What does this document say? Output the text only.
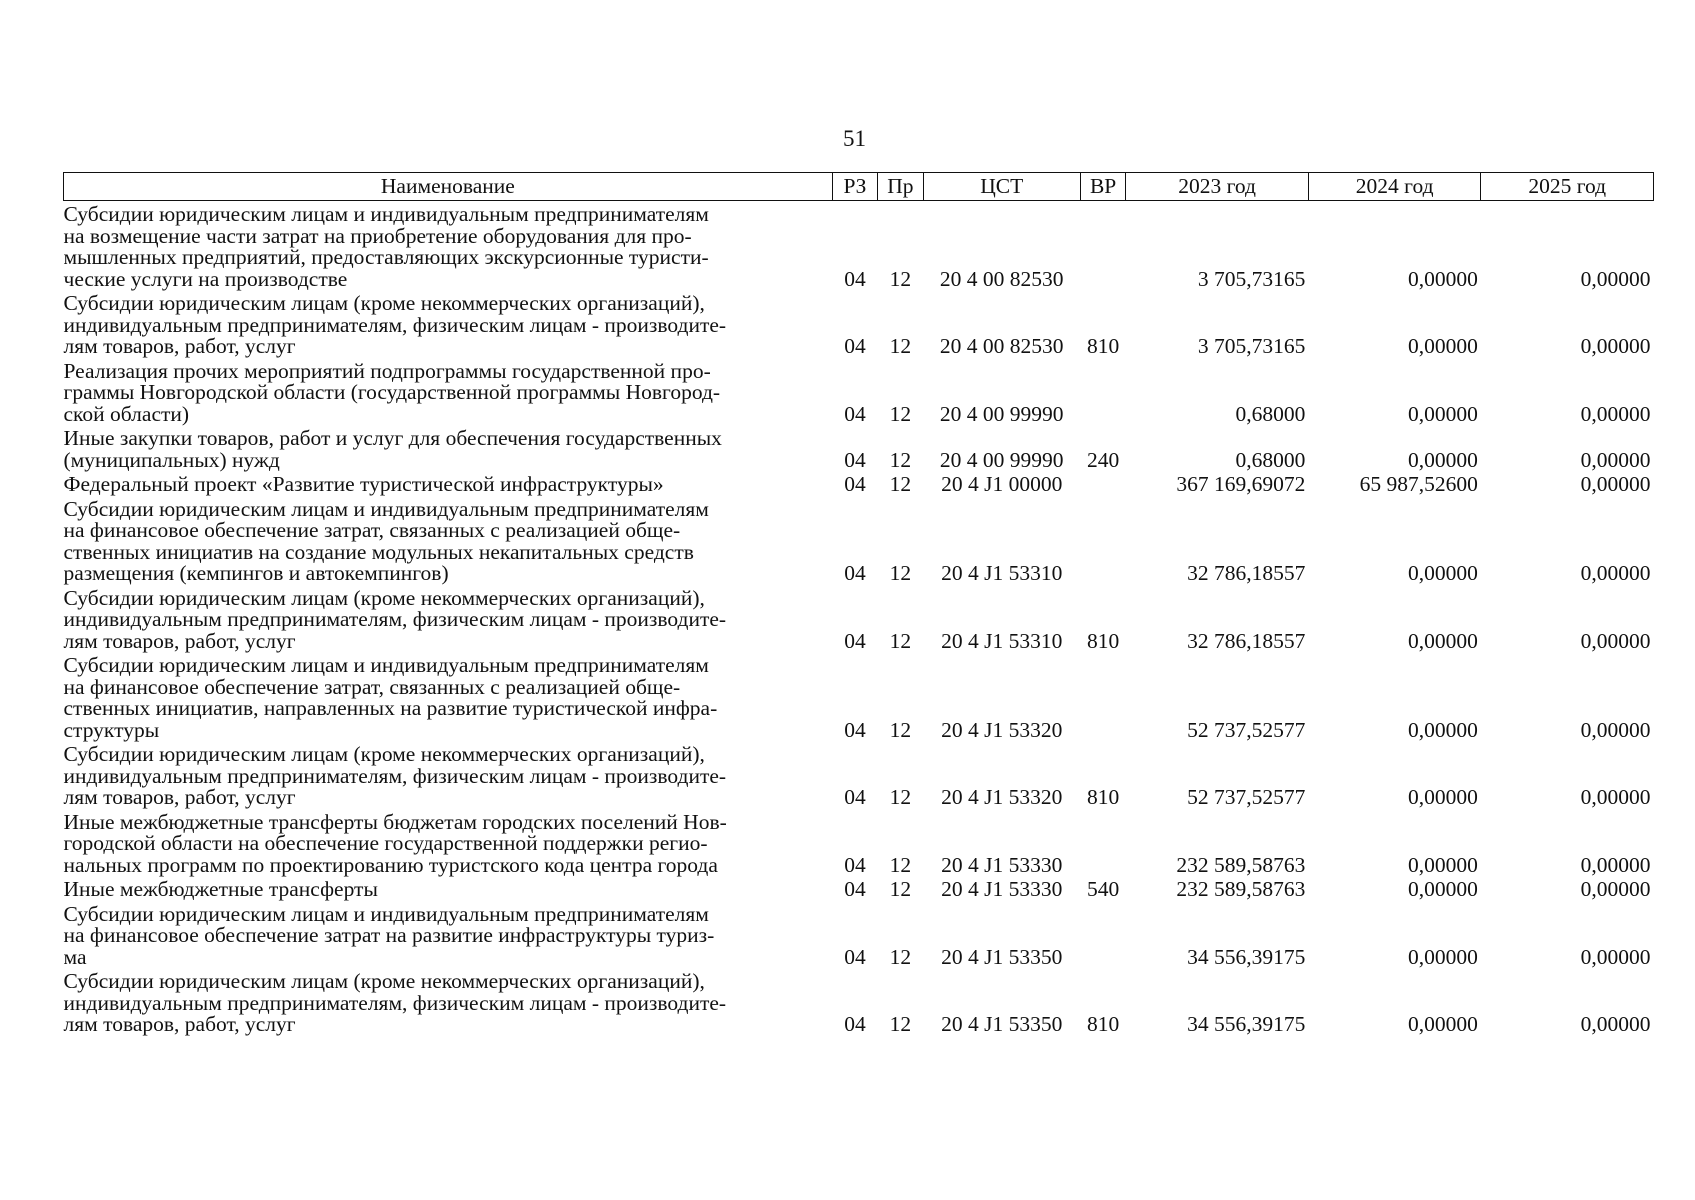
51
Наименование	РЗ	Пр	ЦСТ	ВР	2023 год	2024 год	2025 год

Субсидии юридическим лицам и индивидуальным предпринимателям
на возмещение части затрат на приобретение оборудования для про-
мышленных предприятий, предоставляющих экскурсионные туристи-
ческие услуги на производстве	04	12	20 4 00 82530		3 705,73165	0,00000	0,00000

Субсидии юридическим лицам (кроме некоммерческих организаций),
индивидуальным предпринимателям, физическим лицам - производите-
лям товаров, работ, услуг	04	12	20 4 00 82530	810	3 705,73165	0,00000	0,00000

Реализация прочих мероприятий подпрограммы государственной про-
граммы Новгородской области (государственной программы Новгород-
ской области)	04	12	20 4 00 99990		0,68000	0,00000	0,00000

Иные закупки товаров, работ и услуг для обеспечения государственных
(муниципальных) нужд	04	12	20 4 00 99990	240	0,68000	0,00000	0,00000

Федеральный проект «Развитие туристической инфраструктуры»	04	12	20 4 J1 00000		367 169,69072	65 987,52600	0,00000

Субсидии юридическим лицам и индивидуальным предпринимателям
на финансовое обеспечение затрат, связанных с реализацией обще-
ственных инициатив на создание модульных некапитальных средств
размещения (кемпингов и автокемпингов)	04	12	20 4 J1 53310		32 786,18557	0,00000	0,00000

Субсидии юридическим лицам (кроме некоммерческих организаций),
индивидуальным предпринимателям, физическим лицам - производите-
лям товаров, работ, услуг	04	12	20 4 J1 53310	810	32 786,18557	0,00000	0,00000

Субсидии юридическим лицам и индивидуальным предпринимателям
на финансовое обеспечение затрат, связанных с реализацией обще-
ственных инициатив, направленных на развитие туристической инфра-
структуры	04	12	20 4 J1 53320		52 737,52577	0,00000	0,00000

Субсидии юридическим лицам (кроме некоммерческих организаций),
индивидуальным предпринимателям, физическим лицам - производите-
лям товаров, работ, услуг	04	12	20 4 J1 53320	810	52 737,52577	0,00000	0,00000

Иные межбюджетные трансферты бюджетам городских поселений Нов-
городской области на обеспечение государственной поддержки регио-
нальных программ по проектированию туристского кода центра города	04	12	20 4 J1 53330		232 589,58763	0,00000	0,00000

Иные межбюджетные трансферты	04	12	20 4 J1 53330	540	232 589,58763	0,00000	0,00000

Субсидии юридическим лицам и индивидуальным предпринимателям
на финансовое обеспечение затрат на развитие инфраструктуры туриз-
ма	04	12	20 4 J1 53350		34 556,39175	0,00000	0,00000

Субсидии юридическим лицам (кроме некоммерческих организаций),
индивидуальным предпринимателям, физическим лицам - производите-
лям товаров, работ, услуг	04	12	20 4 J1 53350	810	34 556,39175	0,00000	0,00000
